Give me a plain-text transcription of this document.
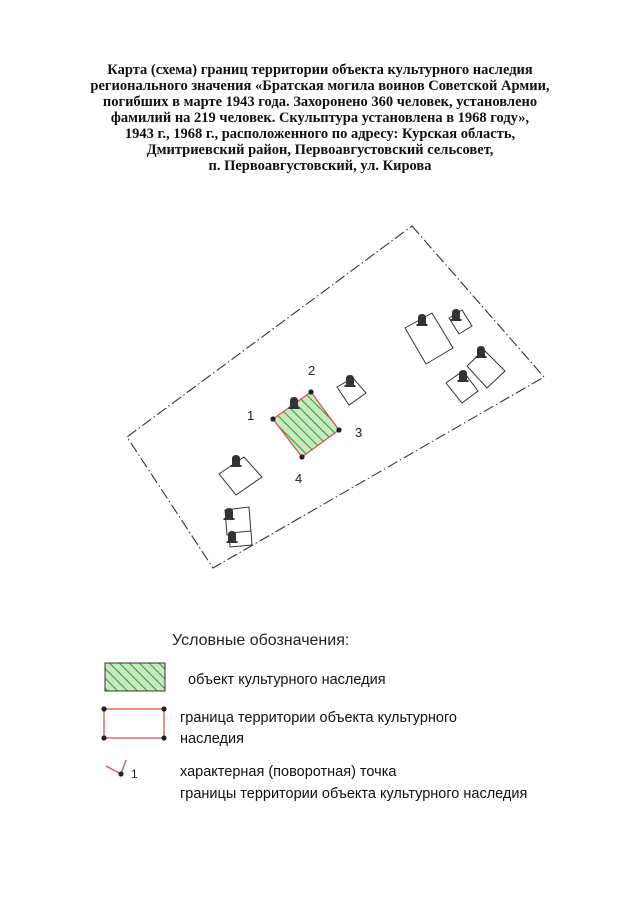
Карта (схема) границ территории объекта культурного наследия
регионального значения «Братская могила воинов Советской Армии,
погибших в марте 1943 года. Захоронено 360 человек, установлено
фамилий на 219 человек. Скульптура установлена в 1968 году»,
1943 г., 1968 г., расположенного по адресу: Курская область,
Дмитриевский район, Первоавгустовский сельсовет,
п. Первоавгустовский, ул. Кирова
1
2
3
4
1
Условные обозначения:
объект культурного наследия
граница территории объекта культурного
наследия
характерная (поворотная) точка
границы территории объекта культурного наследия
